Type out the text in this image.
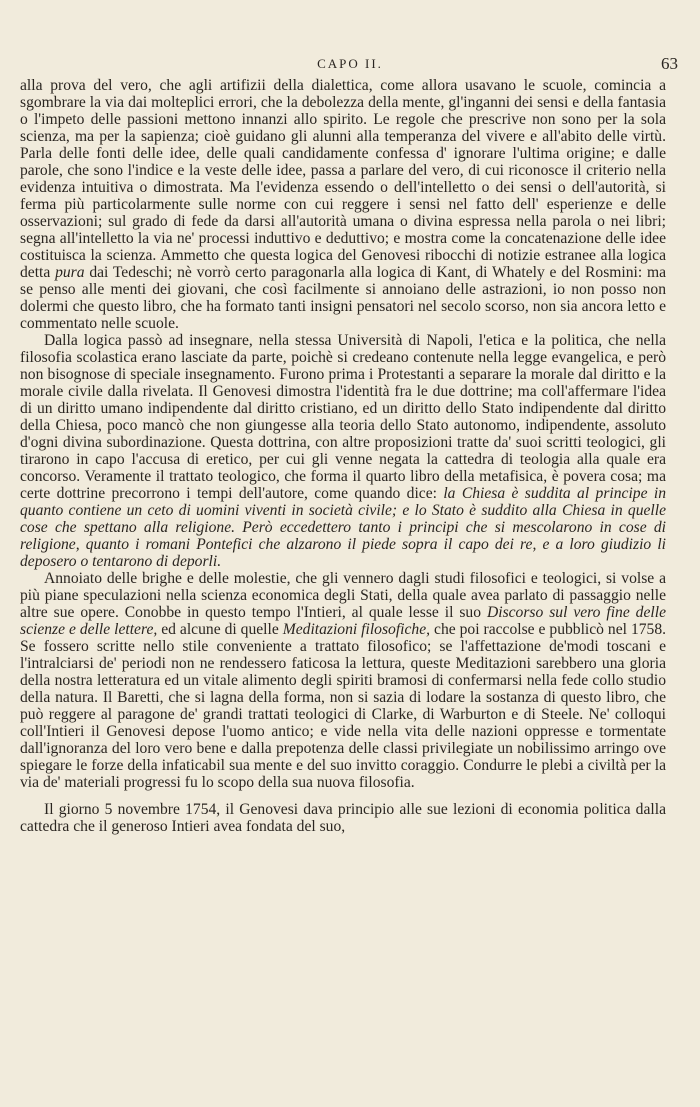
CAPO II.	63

alla prova del vero, che agli artifizii della dialettica, come allora usavano le scuole, comincia a sgombrare la via dai molteplici errori, che la debolezza della mente, gl'inganni dei sensi e della fantasia o l'impeto delle passioni mettono innanzi allo spirito. Le regole che prescrive non sono per la sola scienza, ma per la sapienza; cioè guidano gli alunni alla temperanza del vivere e all'abito delle virtù. Parla delle fonti delle idee, delle quali candidamente confessa d' ignorare l'ultima origine; e dalle parole, che sono l'indice e la veste delle idee, passa a parlare del vero, di cui riconosce il criterio nella evidenza intuitiva o dimostrata. Ma l'evidenza essendo o dell'intelletto o dei sensi o dell'autorità, si ferma più particolarmente sulle norme con cui reggere i sensi nel fatto dell' esperienze e delle osservazioni; sul grado di fede da darsi all'autorità umana o divina espressa nella parola o nei libri; segna all'intelletto la via ne' processi induttivo e deduttivo; e mostra come la concatenazione delle idee costituisca la scienza. Ammetto che questa logica del Genovesi ribocchi di notizie estranee alla logica detta pura dai Tedeschi; nè vorrò certo paragonarla alla logica di Kant, di Whately e del Rosmini: ma se penso alle menti dei giovani, che così facilmente si annoiano delle astrazioni, io non posso non dolermi che questo libro, che ha formato tanti insigni pensatori nel secolo scorso, non sia ancora letto e commentato nelle scuole.

Dalla logica passò ad insegnare, nella stessa Università di Napoli, l'etica e la politica, che nella filosofia scolastica erano lasciate da parte, poichè si credeano contenute nella legge evangelica, e però non bisognose di speciale insegnamento. Furono prima i Protestanti a separare la morale dal diritto e la morale civile dalla rivelata. Il Genovesi dimostra l'identità fra le due dottrine; ma coll'affermare l'idea di un diritto umano indipendente dal diritto cristiano, ed un diritto dello Stato indipendente dal diritto della Chiesa, poco mancò che non giungesse alla teoria dello Stato autonomo, indipendente, assoluto d'ogni divina subordinazione. Questa dottrina, con altre proposizioni tratte da' suoi scritti teologici, gli tirarono in capo l'accusa di eretico, per cui gli venne negata la cattedra di teologia alla quale era concorso. Veramente il trattato teologico, che forma il quarto libro della metafisica, è povera cosa; ma certe dottrine precorrono i tempi dell'autore, come quando dice: la Chiesa è suddita al principe in quanto contiene un ceto di uomini viventi in società civile; e lo Stato è suddito alla Chiesa in quelle cose che spettano alla religione. Però eccedettero tanto i principi che si mescolarono in cose di religione, quanto i romani Pontefici che alzarono il piede sopra il capo dei re, e a loro giudizio li deposero o tentarono di deporli.

Annoiato delle brighe e delle molestie, che gli vennero dagli studi filosofici e teologici, si volse a più piane speculazioni nella scienza economica degli Stati, della quale avea parlato di passaggio nelle altre sue opere. Conobbe in questo tempo l'Intieri, al quale lesse il suo Discorso sul vero fine delle scienze e delle lettere, ed alcune di quelle Meditazioni filosofiche, che poi raccolse e pubblicò nel 1758. Se fossero scritte nello stile conveniente a trattato filosofico; se l'affettazione de'modi toscani e l'intralciarsi de' periodi non ne rendessero faticosa la lettura, queste Meditazioni sarebbero una gloria della nostra letteratura ed un vitale alimento degli spiriti bramosi di confermarsi nella fede collo studio della natura. Il Baretti, che si lagna della forma, non si sazia di lodare la sostanza di questo libro, che può reggere al paragone de' grandi trattati teologici di Clarke, di Warburton e di Steele. Ne' colloqui coll'Intieri il Genovesi depose l'uomo antico; e vide nella vita delle nazioni oppresse e tormentate dall'ignoranza del loro vero bene e dalla prepotenza delle classi privilegiate un nobilissimo arringo ove spiegare le forze della infaticabil sua mente e del suo invitto coraggio. Condurre le plebi a civiltà per la via de' materiali progressi fu lo scopo della sua nuova filosofia.

Il giorno 5 novembre 1754, il Genovesi dava principio alle sue lezioni di economia politica dalla cattedra che il generoso Intieri avea fondata del suo,
